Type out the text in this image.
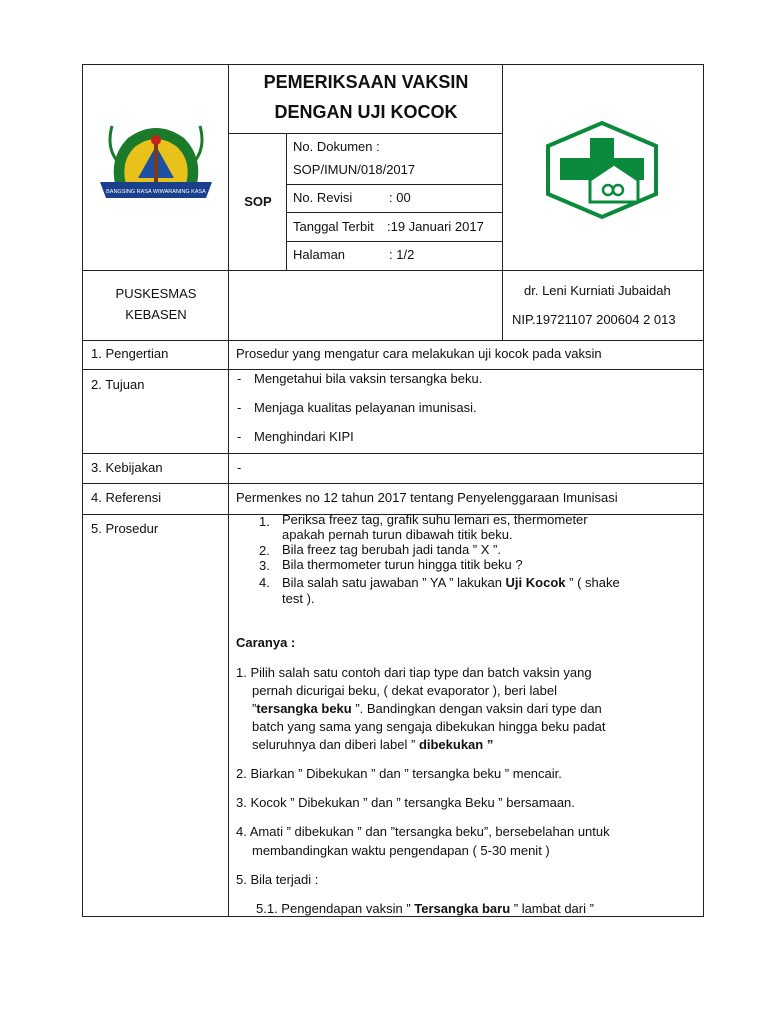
BANGSING RASA WIWARANING KASA
PEMERIKSAAN VAKSIN
DENGAN UJI KOCOK
SOP
No. Dokumen :
SOP/IMUN/018/2017
No. Revisi	: 00
Tanggal Terbit :19 Januari 2017
Halaman	: 1/2
PUSKESMAS
KEBASEN
dr. Leni Kurniati Jubaidah
NIP.19721107 200604 2 013
1. Pengertian	Prosedur yang mengatur cara melakukan uji kocok pada vaksin
2. Tujuan	- Mengetahui bila vaksin tersangka beku.
- Menjaga kualitas pelayanan imunisasi.
- Menghindari KIPI
3. Kebijakan	-
4. Referensi	Permenkes no 12 tahun 2017 tentang Penyelenggaraan Imunisasi
5. Prosedur	1. Periksa freez tag, grafik suhu lemari es, thermometer
apakah pernah turun dibawah titik beku.
2. Bila freez tag berubah jadi tanda ” X ”.
3. Bila thermometer turun hingga titik beku ?
4. Bila salah satu jawaban ” YA ” lakukan Uji Kocok ” ( shake
test ).
Caranya :
1. Pilih salah satu contoh dari tiap type dan batch vaksin yang
pernah dicurigai beku, ( dekat evaporator ), beri label
”tersangka beku ”. Bandingkan dengan vaksin dari type dan
batch yang sama yang sengaja dibekukan hingga beku padat
seluruhnya dan diberi label ” dibekukan ”
2. Biarkan ” Dibekukan ” dan ” tersangka beku ” mencair.
3. Kocok ” Dibekukan ” dan ” tersangka Beku ” bersamaan.
4. Amati ” dibekukan ” dan ”tersangka beku”, bersebelahan untuk
membandingkan waktu pengendapan ( 5-30 menit )
5. Bila terjadi :
5.1. Pengendapan vaksin ” Tersangka baru ” lambat dari ”
